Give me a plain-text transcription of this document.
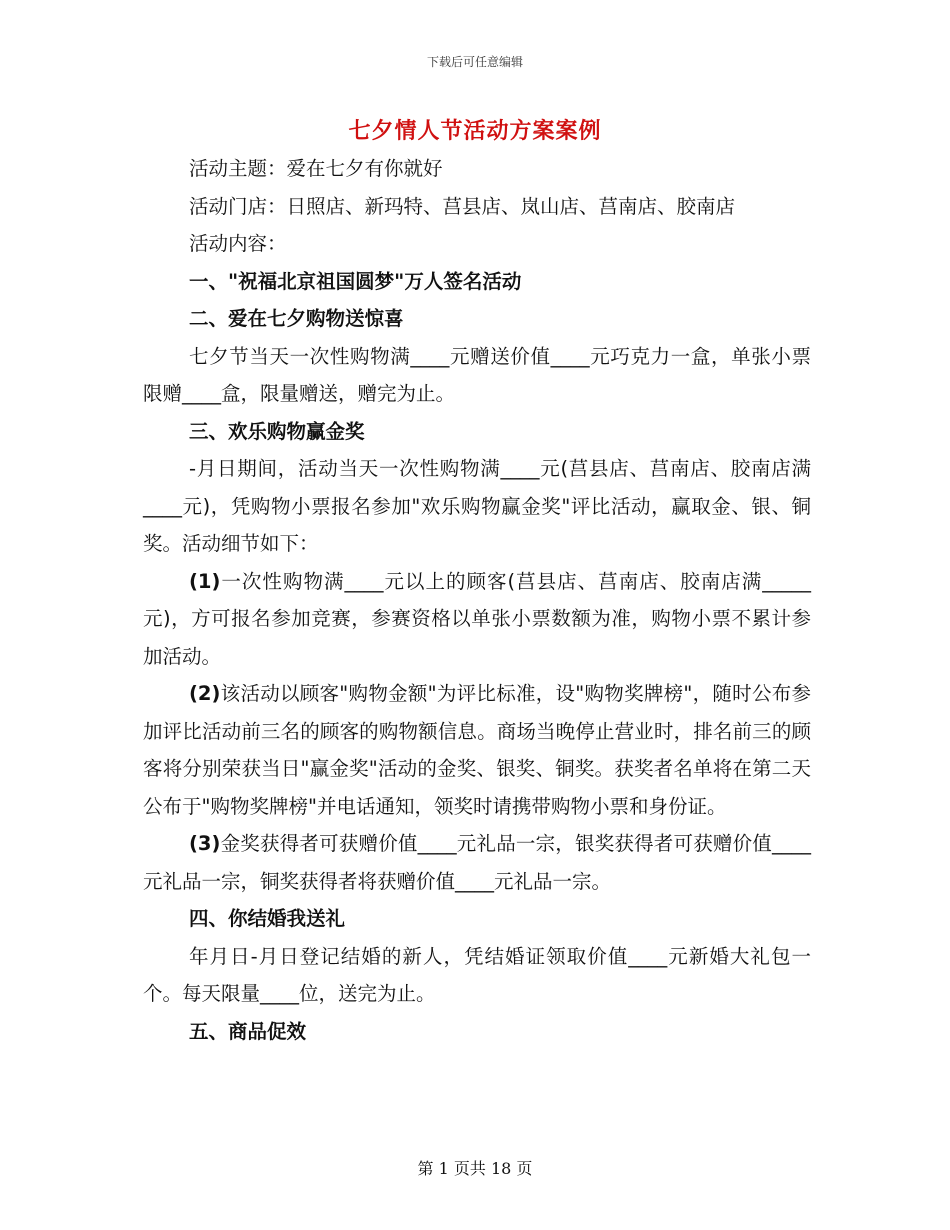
下载后可任意编辑
七夕情人节活动方案案例

活动主题：爱在七夕有你就好

活动门店：日照店、新玛特、莒县店、岚山店、莒南店、胶南店

活动内容：

一、"祝福北京祖国圆梦"万人签名活动

二、爱在七夕购物送惊喜

七夕节当天一次性购物满____元赠送价值____元巧克力一盒，单张小票限赠____盒，限量赠送，赠完为止。

三、欢乐购物赢金奖

-月日期间，活动当天一次性购物满____元(莒县店、莒南店、胶南店满____元)，凭购物小票报名参加"欢乐购物赢金奖"评比活动，赢取金、银、铜奖。活动细节如下：

(1)一次性购物满____元以上的顾客(莒县店、莒南店、胶南店满_____元)，方可报名参加竞赛，参赛资格以单张小票数额为准，购物小票不累计参加活动。

(2)该活动以顾客"购物金额"为评比标准，设"购物奖牌榜"，随时公布参加评比活动前三名的顾客的购物额信息。商场当晚停止营业时，排名前三的顾客将分别荣获当日"赢金奖"活动的金奖、银奖、铜奖。获奖者名单将在第二天公布于"购物奖牌榜"并电话通知，领奖时请携带购物小票和身份证。

(3)金奖获得者可获赠价值____元礼品一宗，银奖获得者可获赠价值____元礼品一宗，铜奖获得者将获赠价值____元礼品一宗。

四、你结婚我送礼

年月日-月日登记结婚的新人，凭结婚证领取价值____元新婚大礼包一个。每天限量____位，送完为止。

五、商品促效

第 1 页共 18 页
